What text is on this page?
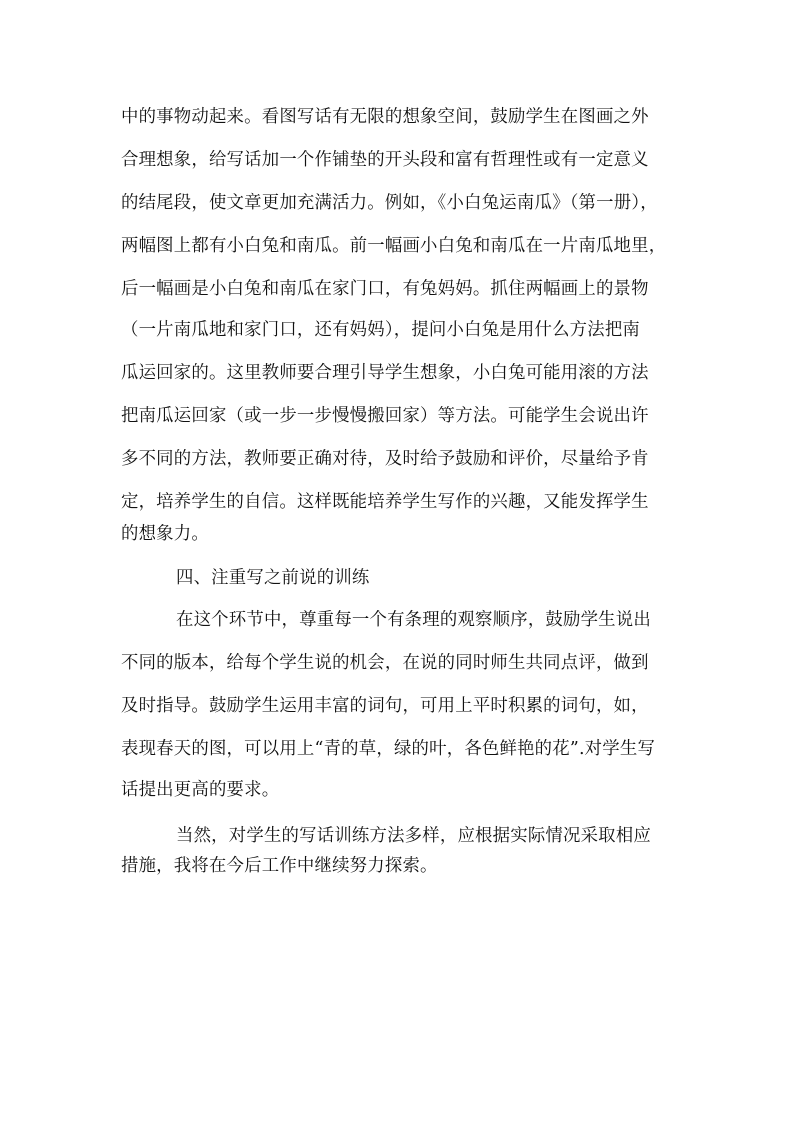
中的事物动起来。看图写话有无限的想象空间，鼓励学生在图画之外
合理想象，给写话加一个作铺垫的开头段和富有哲理性或有一定意义
的结尾段，使文章更加充满活力。例如，《小白兔运南瓜》（第一册），
两幅图上都有小白兔和南瓜。前一幅画小白兔和南瓜在一片南瓜地里，
后一幅画是小白兔和南瓜在家门口，有兔妈妈。抓住两幅画上的景物
（一片南瓜地和家门口，还有妈妈），提问小白兔是用什么方法把南
瓜运回家的。这里教师要合理引导学生想象，小白兔可能用滚的方法
把南瓜运回家（或一步一步慢慢搬回家）等方法。可能学生会说出许
多不同的方法，教师要正确对待，及时给予鼓励和评价，尽量给予肯
定，培养学生的自信。这样既能培养学生写作的兴趣，又能发挥学生
的想象力。
四、注重写之前说的训练
在这个环节中，尊重每一个有条理的观察顺序，鼓励学生说出
不同的版本，给每个学生说的机会，在说的同时师生共同点评，做到
及时指导。鼓励学生运用丰富的词句，可用上平时积累的词句，如，
表现春天的图，可以用上“青的草，绿的叶，各色鲜艳的花”.对学生写
话提出更高的要求。
当然，对学生的写话训练方法多样，应根据实际情况采取相应
措施，我将在今后工作中继续努力探索。
